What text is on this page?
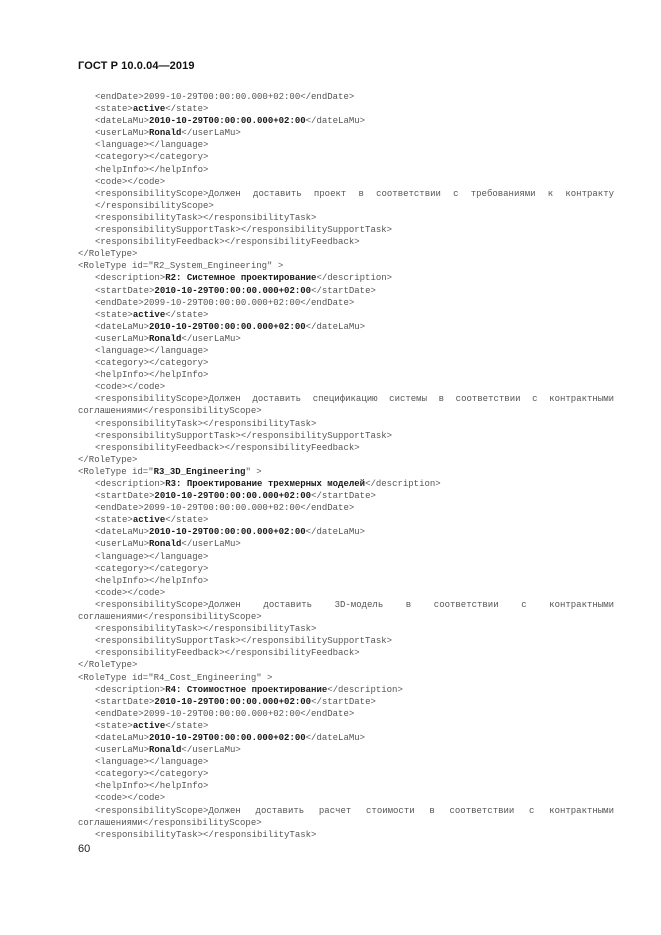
ГОСТ Р 10.0.04—2019
<endDate>2099-10-29T00:00:00.000+02:00</endDate>
<state>active</state>
<dateLaMu>2010-10-29T00:00:00.000+02:00</dateLaMu>
<userLaMu>Ronald</userLaMu>
<language></language>
<category></category>
<helpInfo></helpInfo>
<code></code>
<responsibilityScope>Должен доставить проект в соответствии с требованиями к контракту
</responsibilityScope>
<responsibilityTask></responsibilityTask>
<responsibilitySupportTask></responsibilitySupportTask>
<responsibilityFeedback></responsibilityFeedback>
</RoleType>
<RoleType id="R2_System_Engineering" >
<description>R2: Системное проектирование</description>
<startDate>2010-10-29T00:00:00.000+02:00</startDate>
<endDate>2099-10-29T00:00:00.000+02:00</endDate>
<state>active</state>
<dateLaMu>2010-10-29T00:00:00.000+02:00</dateLaMu>
<userLaMu>Ronald</userLaMu>
<language></language>
<category></category>
<helpInfo></helpInfo>
<code></code>
<responsibilityScope>Должен доставить спецификацию системы в соответствии с контрактными
соглашениями</responsibilityScope>
<responsibilityTask></responsibilityTask>
<responsibilitySupportTask></responsibilitySupportTask>
<responsibilityFeedback></responsibilityFeedback>
</RoleType>
<RoleType id="R3_3D_Engineering" >
<description>R3: Проектирование трехмерных моделей</description>
<startDate>2010-10-29T00:00:00.000+02:00</startDate>
<endDate>2099-10-29T00:00:00.000+02:00</endDate>
<state>active</state>
<dateLaMu>2010-10-29T00:00:00.000+02:00</dateLaMu>
<userLaMu>Ronald</userLaMu>
<language></language>
<category></category>
<helpInfo></helpInfo>
<code></code>
<responsibilityScope>Должен доставить 3D-модель в соответствии с контрактными
соглашениями</responsibilityScope>
<responsibilityTask></responsibilityTask>
<responsibilitySupportTask></responsibilitySupportTask>
<responsibilityFeedback></responsibilityFeedback>
</RoleType>
<RoleType id="R4_Cost_Engineering" >
<description>R4: Стоимостное проектирование</description>
<startDate>2010-10-29T00:00:00.000+02:00</startDate>
<endDate>2099-10-29T00:00:00.000+02:00</endDate>
<state>active</state>
<dateLaMu>2010-10-29T00:00:00.000+02:00</dateLaMu>
<userLaMu>Ronald</userLaMu>
<language></language>
<category></category>
<helpInfo></helpInfo>
<code></code>
<responsibilityScope>Должен доставить расчет стоимости в соответствии с контрактными
соглашениями</responsibilityScope>
<responsibilityTask></responsibilityTask>
60
